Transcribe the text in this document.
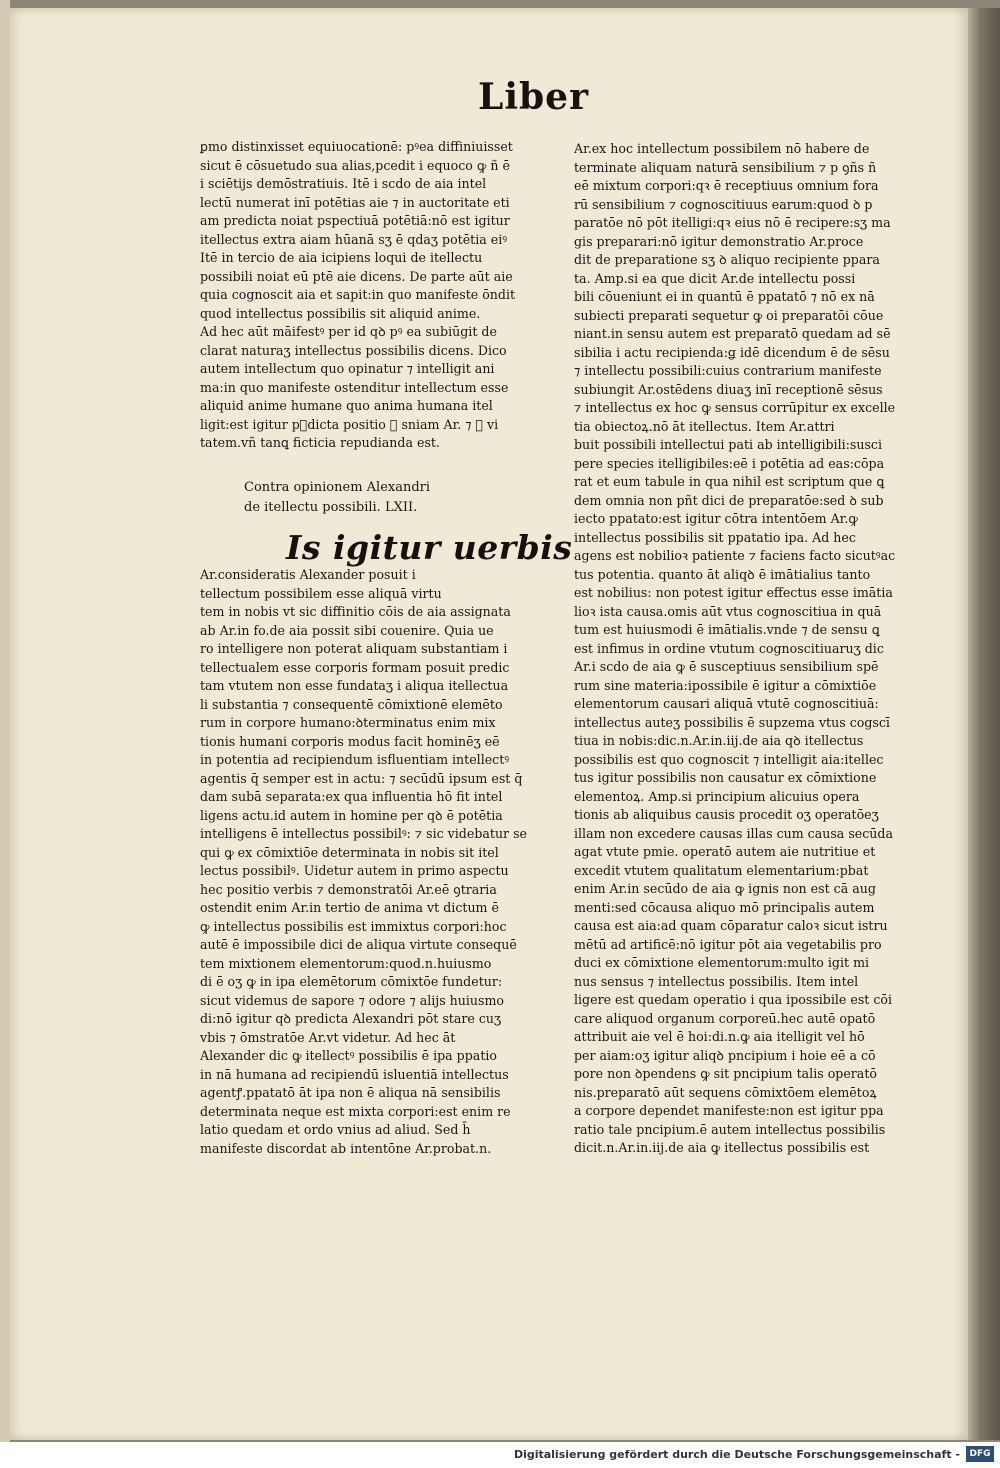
Liber
ꝑmo distinxisset equiuocationē: pꝰea diffiniuisset
sicut ē cōsuetudo sua alias,pcedit i equoco ꝙ ñ ē
i sciētijs demōstratiuis. Itē i scdo de aia intel
lectū numerat inī potētias aie ⁊ in auctoritate eti
am predicta noiat pspectiuā potētiā:nō est igitur
itellectus extra aiam hūanā sʒ ē qdaʒ potētia eiꝰ
Itē in tercio de aia icipiens loqui de itellectu
possibili noiat eū ptē aie dicens. De parte aūt aie
quia cognoscit aia et sapit:in quo manifeste ōndit
quod intellectus possibilis sit aliquid anime.
Ad hec aūt māifestꝰ per id qꝺ pꝰ ea subiūgit de
clarat naturaʒ intellectus possibilis dicens. Dico
autem intellectum quo opinatur ⁊ intelligit ani
ma:in quo manifeste ostenditur intellectum esse
aliquid anime humane quo anima humana itel
ligit:est igitur pᷣdicta positio ꝯ sniam Ar. ⁊ ꝯ vi
tatem.vñ tanꝗ ficticia repudianda est.
Contra opinionem Alexandri
de itellectu possibili. LXII.
Is igitur uerbis
Ar.consideratis Alexander posuit i
tellectum possibilem esse aliquā virtu
tem in nobis vt sic diffinitio cōis de aia assignata
ab Ar.in fo.de aia possit sibi couenire. Quia ue
ro intelligere non poterat aliquam substantiam i
tellectualem esse corporis formam posuit predic
tam vtutem non esse fundataʒ i aliqua itellectua
li substantia ⁊ consequentē cōmixtionē elemēto
rum in corpore humano:ꝺterminatus enim mix
tionis humani corporis modus facit hominēʒ eē
in potentia ad recipiendum isfluentiam intellectꝰ
agentis q̄ semper est in actu: ⁊ secūdū ipsum est q̄
dam subā separata:ex qua influentia hō fit intel
ligens actu.id autem in homine per qꝺ ē potētia
intelligens ē intellectus possibilꝰ: ⁊ sic videbatur se
qui ꝙ ex cōmixtiōe determinata in nobis sit itel
lectus possibilꝰ. Uidetur autem in primo aspectu
hec positio verbis ⁊ demonstratōi Ar.eē ꝯtraria
ostendit enim Ar.in tertio de anima vt dictum ē
ꝙ intellectus possibilis est immixtus corpori:hoc
autē ē impossibile dici de aliqua virtute consequē
tem mixtionem elementorum:quod.n.huiusmo
di ē oʒ ꝙ in ipa elemētorum cōmixtōe fundetur:
sicut videmus de sapore ⁊ odore ⁊ alijs huiusmo
di:nō igitur qꝺ predicta Alexandri pōt stare cuʒ
vbis ⁊ ōmstratōe Ar.vt videtur. Ad hec āt
Alexander dic ꝙ itellectꝰ possibilis ē ipa ppatio
in nā humana ad recipiendū isluentiā intellectus
agentꝭ.ppatatō āt ipa non ē aliqua nā sensibilis
determinata neque est mixta corpori:est enim re
latio quedam et ordo vnius ad aliud. Sed h̄
manifeste discordat ab intentōne Ar.probat.n.
Ar.ex hoc intellectum possibilem nō habere de
terminate aliquam naturā sensibilium ⁊ p ꝯñs ñ
eē mixtum corpori:qꝛ ē receptiuus omnium fora
rū sensibilium ⁊ cognoscitiuus earum:quod ꝺ p
paratōe nō pōt itelligi:qꝛ eius nō ē recipere:sʒ ma
gis preparari:nō igitur demonstratio Ar.proce
dit de preparatione sʒ ꝺ aliquo recipiente ppara
ta. Amp.si ea que dicit Ar.de intellectu possi
bili cōueniunt ei in quantū ē ppatatō ⁊ nō ex nā
subiecti preparati sequetur ꝙ oi preparatōi cōue
niant.in sensu autem est preparatō quedam ad sē
sibilia i actu recipienda:ǥ idē dicendum ē de sēsu
⁊ intellectu possibili:cuius contrarium manifeste
subiungit Ar.ostēdens diuaʒ inī receptionē sēsus
⁊ intellectus ex hoc ꝙ sensus corrūpitur ex excelle
tia obiectoꝝ.nō āt itellectus. Item Ar.attri
buit possibili intellectui pati ab intelligibili:susci
pere species itelligibiles:eē i potētia ad eas:cōpa
rat et eum tabule in qua nihil est scriptum que ꝗ
dem omnia non pñt dici de preparatōe:sed ꝺ sub
iecto ppatato:est igitur cōtra intentōem Ar.ꝙ
intellectus possibilis sit ppatatio ipa. Ad hec
agens est nobilioꝛ patiente ⁊ faciens facto sicutꝰac
tus potentia. quanto āt aliqꝺ ē imātialius tanto
est nobilius: non potest igitur effectus esse imātia
lioꝛ ista causa.omis aūt vtus cognoscitiua in quā
tum est huiusmodi ē imātialis.vnde ⁊ de sensu ꝗ
est infimus in ordine vtutum cognoscitiuaruʒ dic
Ar.i scdo de aia ꝙ ē susceptiuus sensibilium spē
rum sine materia:ipossibile ē igitur a cōmixtiōe
elementorum causari aliquā vtutē cognoscitiuā:
intellectus auteʒ possibilis ē supzema vtus cogscī
tiua in nobis:dic.n.Ar.in.iij.de aia qꝺ itellectus
possibilis est quo cognoscit ⁊ intelligit aia:itellec
tus igitur possibilis non causatur ex cōmixtione
elementoꝝ. Amp.si principium alicuius opera
tionis ab aliquibus causis procedit oʒ operatōeʒ
illam non excedere causas illas cum causa secūda
agat vtute pmie. operatō autem aie nutritiue et
excedit vtutem qualitatum elementarium:pbat
enim Ar.in secūdo de aia ꝙ ignis non est cā aug
menti:sed cōcausa aliquo mō principalis autem
causa est aia:ad quam cōparatur caloꝛ sicut istru
mētū ad artificē:nō igitur pōt aia vegetabilis pro
duci ex cōmixtione elementorum:multo igit mi
nus sensus ⁊ intellectus possibilis. Item intel
ligere est quedam operatio i qua ipossibile est cōi
care aliquod organum corporeū.hec autē opatō
attribuit aie vel ē hoi:di.n.ꝙ aia itelligit vel hō
per aiam:oʒ igitur aliqꝺ pncipium i hoie eē a cō
pore non ꝺpendens ꝙ sit pncipium talis operatō
nis.preparatō aūt sequens cōmixtōem elemētoꝝ
a corpore dependet manifeste:non est igitur ppa
ratio tale pncipium.ē autem intellectus possibilis
dicit.n.Ar.in.iij.de aia ꝙ itellectus possibilis est
Digitalisierung gefördert durch die Deutsche Forschungsgemeinschaft -	DFG
